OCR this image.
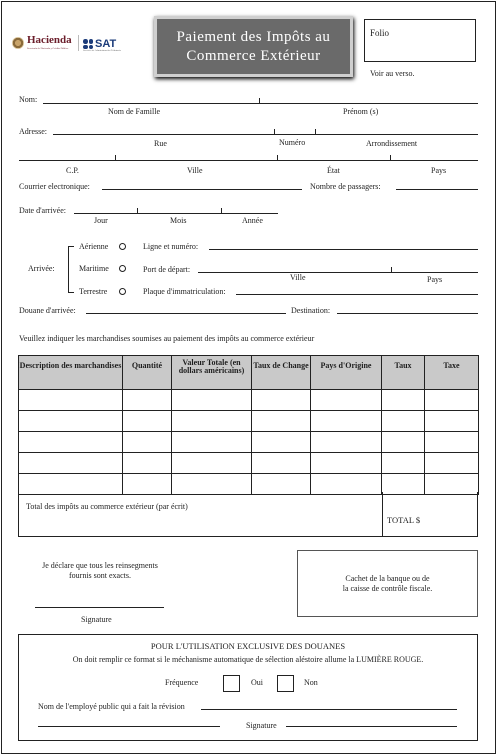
Hacienda
Secretaría de Hacienda y Crédito Público	SAT
Servicio de Administración Tributaria
Paiement des Impôts au
Commerce Extérieur
Folio
Voir au verso.
Nom:
Nom de Famille	Prénom (s)
Adresse:
Rue	Numéro	Arrondissement
C.P.	Ville	État	Pays
Courrier electronique:	Nombre de passagers:
Date d'arrivée:
Jour	Mois	Année
Arrivée:
Aérienne
Maritime
Terrestre
Ligne et numéro:
Port de départ:
Ville	Pays
Plaque d'immatriculation:
Douane d'arrivée:	Destination:
Veuillez indiquer les marchandises soumises au paiement des impôts au commerce extérieur
Description des marchandises	Quantité	Valeur Totale (en dollars américains)	Taux de Change	Pays d'Origine	Taux	Taxe

Total des impôts au commerce extérieur (par écrit)
TOTAL $
Je déclare que tous les reinsegments
fournis sont exacts.
Signature
Cachet de la banque ou de
la caisse de contrôle fiscale.
POUR L'UTILISATION EXCLUSIVE DES DOUANES
On doit remplir ce format si le méchanisme automatique de sélection aléstoire allume la LUMIÈRE ROUGE.
Fréquence	Oui	Non
Nom de l'employé public qui a fait la révision
Signature
